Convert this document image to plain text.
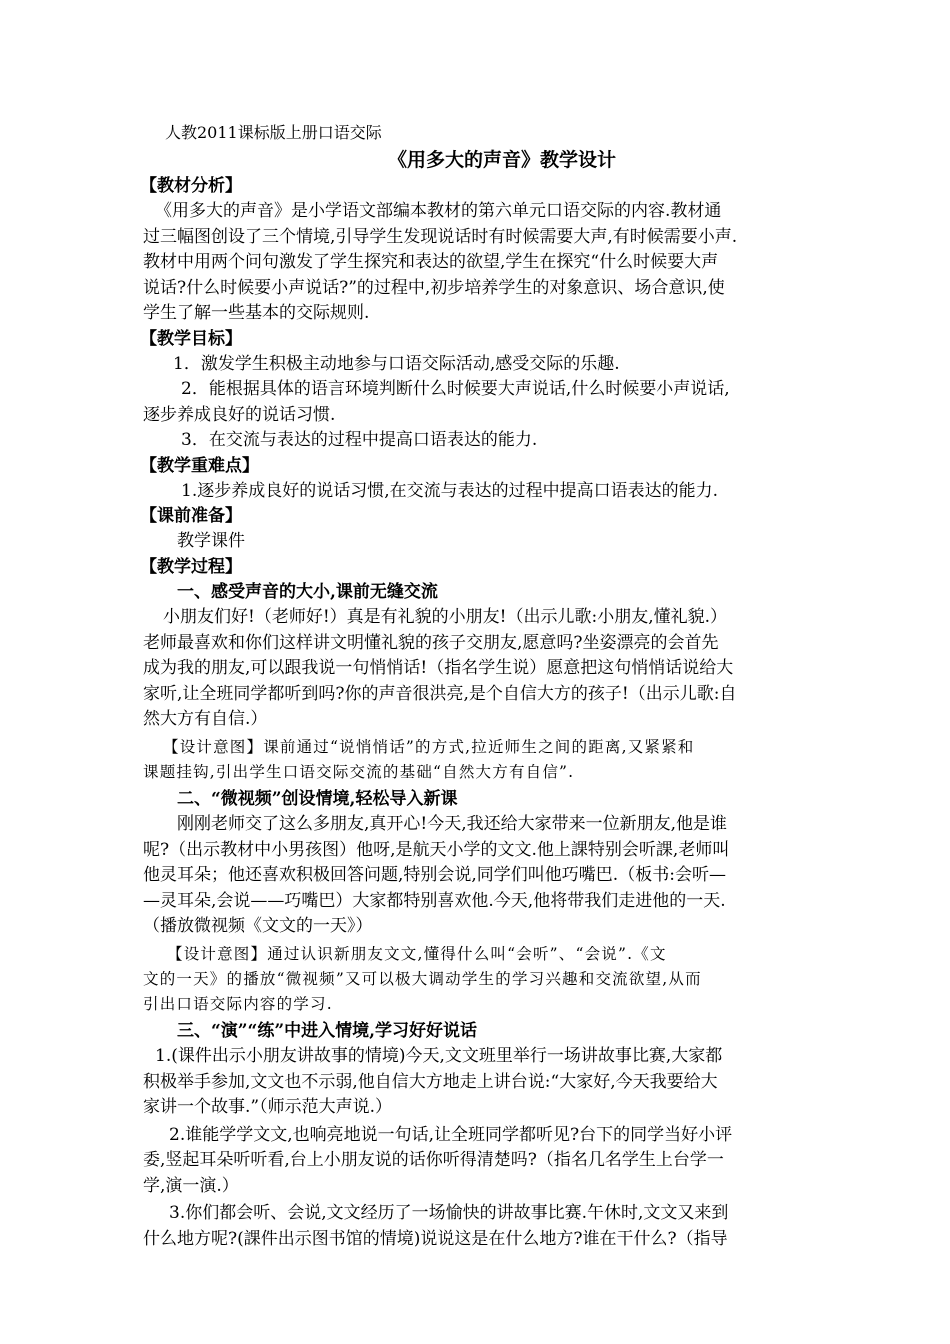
人教2011课标版上册口语交际
《用多大的声音》教学设计
【教材分析】
《用多大的声音》是小学语文部编本教材的第六单元口语交际的内容.教材通
过三幅图创设了三个情境,引导学生发现说话时有时候需要大声,有时候需要小声.
教材中用两个问句激发了学生探究和表达的欲望,学生在探究“什么时候要大声
说话?什么时候要小声说话?”的过程中,初步培养学生的对象意识、场合意识,使
学生了解一些基本的交际规则.
【教学目标】
1．激发学生积极主动地参与口语交际活动,感受交际的乐趣.
2．能根据具体的语言环境判断什么时候要大声说话,什么时候要小声说话,
逐步养成良好的说话习惯.
3．在交流与表达的过程中提高口语表达的能力.
【教学重难点】
1.逐步养成良好的说话习惯,在交流与表达的过程中提高口语表达的能力.
【课前准备】
教学课件
【教学过程】
一、感受声音的大小,课前无缝交流
小朋友们好!（老师好!）真是有礼貌的小朋友!（出示儿歌:小朋友,懂礼貌.）
老师最喜欢和你们这样讲文明懂礼貌的孩子交朋友,愿意吗?坐姿漂亮的会首先
成为我的朋友,可以跟我说一句悄悄话!（指名学生说）愿意把这句悄悄话说给大
家听,让全班同学都听到吗?你的声音很洪亮,是个自信大方的孩子!（出示儿歌:自
然大方有自信.）
【设计意图】课前通过“说悄悄话”的方式,拉近师生之间的距离,又紧紧和
课题挂钩,引出学生口语交际交流的基础“自然大方有自信”.
二、“微视频”创设情境,轻松导入新课
刚刚老师交了这么多朋友,真开心!今天,我还给大家带来一位新朋友,他是谁
呢?（出示教材中小男孩图）他呀,是航天小学的文文.他上課特别会听課,老师叫
他灵耳朵；他还喜欢积极回答问题,特别会说,同学们叫他巧嘴巴.（板书:会听—
—灵耳朵,会说——巧嘴巴）大家都特别喜欢他.今天,他将带我们走进他的一天.
（播放微视频《文文的一天》）
【设计意图】通过认识新朋友文文,懂得什么叫“会听”、“会说”.《文
文的一天》的播放“微视频”又可以极大调动学生的学习兴趣和交流欲望,从而
引出口语交际内容的学习.
三、“演”“练”中进入情境,学习好好说话
1.(课件出示小朋友讲故事的情境)今天,文文班里举行一场讲故事比赛,大家都
积极举手参加,文文也不示弱,他自信大方地走上讲台说:“大家好,今天我要给大
家讲一个故事.”（师示范大声说.）
2.谁能学学文文,也响亮地说一句话,让全班同学都听见?台下的同学当好小评
委,竖起耳朵听听看,台上小朋友说的话你听得清楚吗?（指名几名学生上台学一
学,演一演.）
3.你们都会听、会说,文文经历了一场愉快的讲故事比赛.午休时,文文又来到
什么地方呢?(課件出示图书馆的情境)说说这是在什么地方?谁在干什么?（指导
